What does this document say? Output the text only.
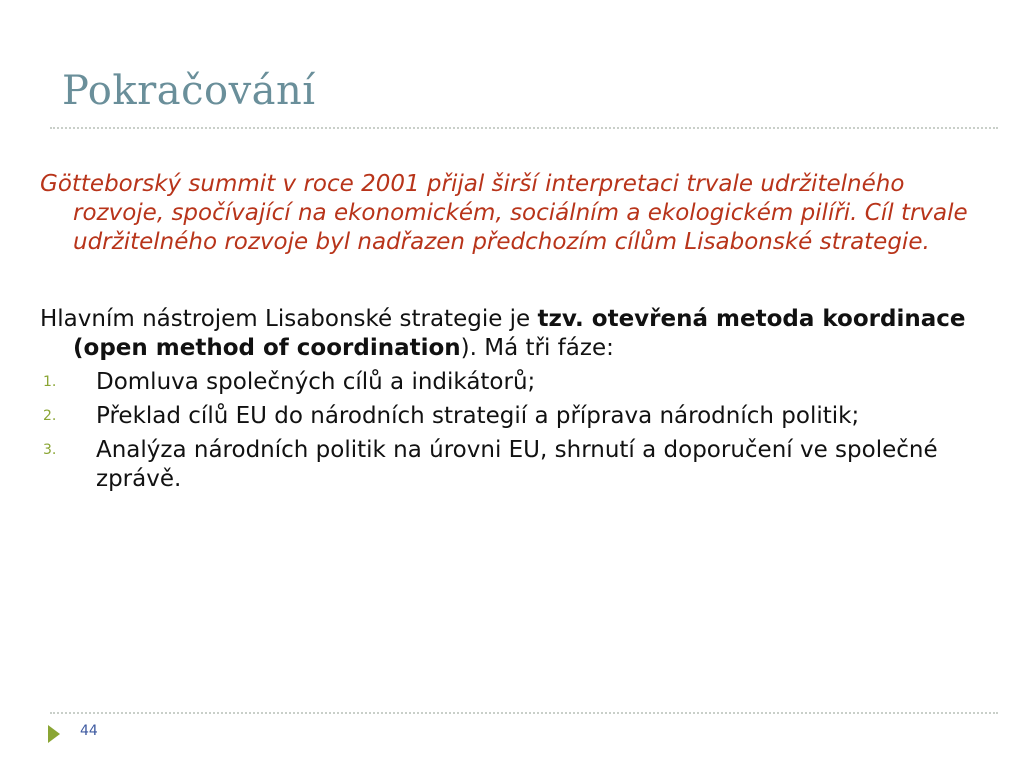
Pokračování

Götteborský summit v roce 2001 přijal širší interpretaci trvale udržitelného rozvoje, spočívající na ekonomickém, sociálním a ekologickém pilíři. Cíl trvale udržitelného rozvoje byl nadřazen předchozím cílům Lisabonské strategie.

Hlavním nástrojem Lisabonské strategie je tzv. otevřená metoda koordinace (open method of coordination). Má tři fáze:

1. Domluva společných cílů a indikátorů;
2. Překlad cílů EU do národních strategií a příprava národních politik;
3. Analýza národních politik na úrovni EU, shrnutí a doporučení ve společné zprávě.
44
